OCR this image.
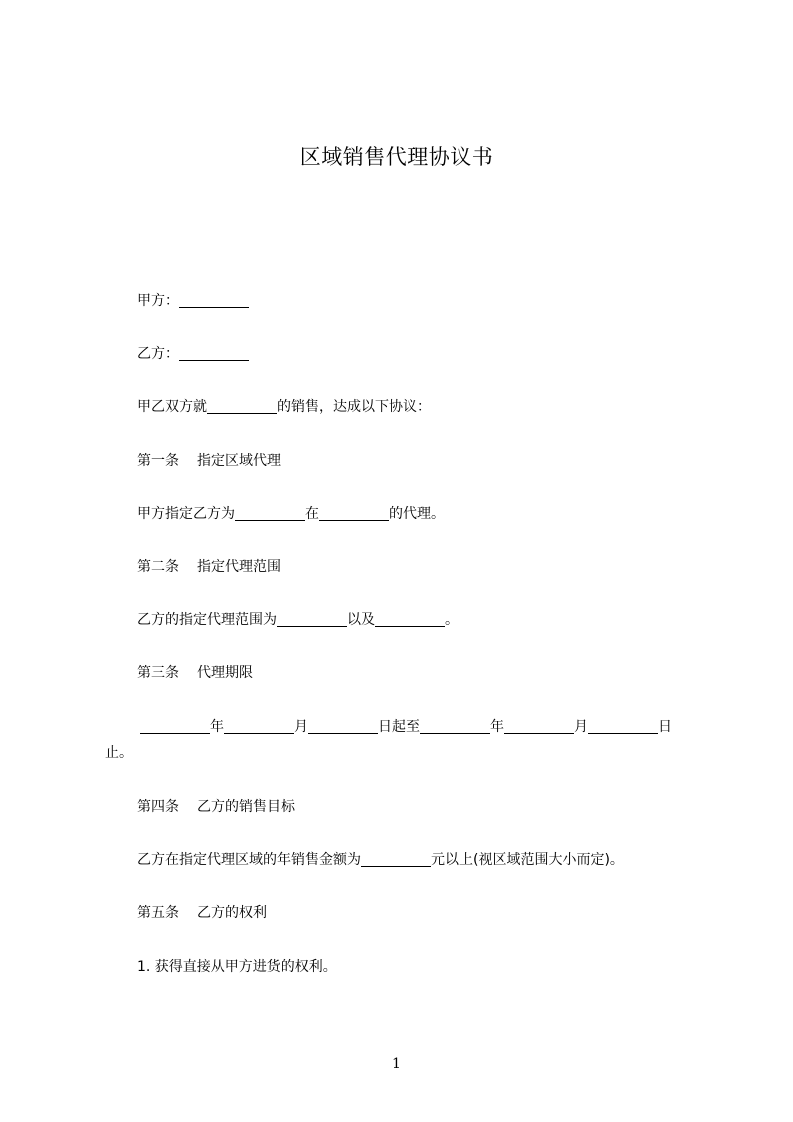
区域销售代理协议书
甲方：
乙方：
甲乙双方就	的销售，达成以下协议：
第一条 指定区域代理
甲方指定乙方为	在	的代理。
第二条 指定代理范围
乙方的指定代理范围为	以及	。
第三条 代理期限
年	月	日起至	年	月	日
止。
第四条 乙方的销售目标
乙方在指定代理区域的年销售金额为	元以上(视区域范围大小而定)。
第五条 乙方的权利
1. 获得直接从甲方进货的权利。
1
